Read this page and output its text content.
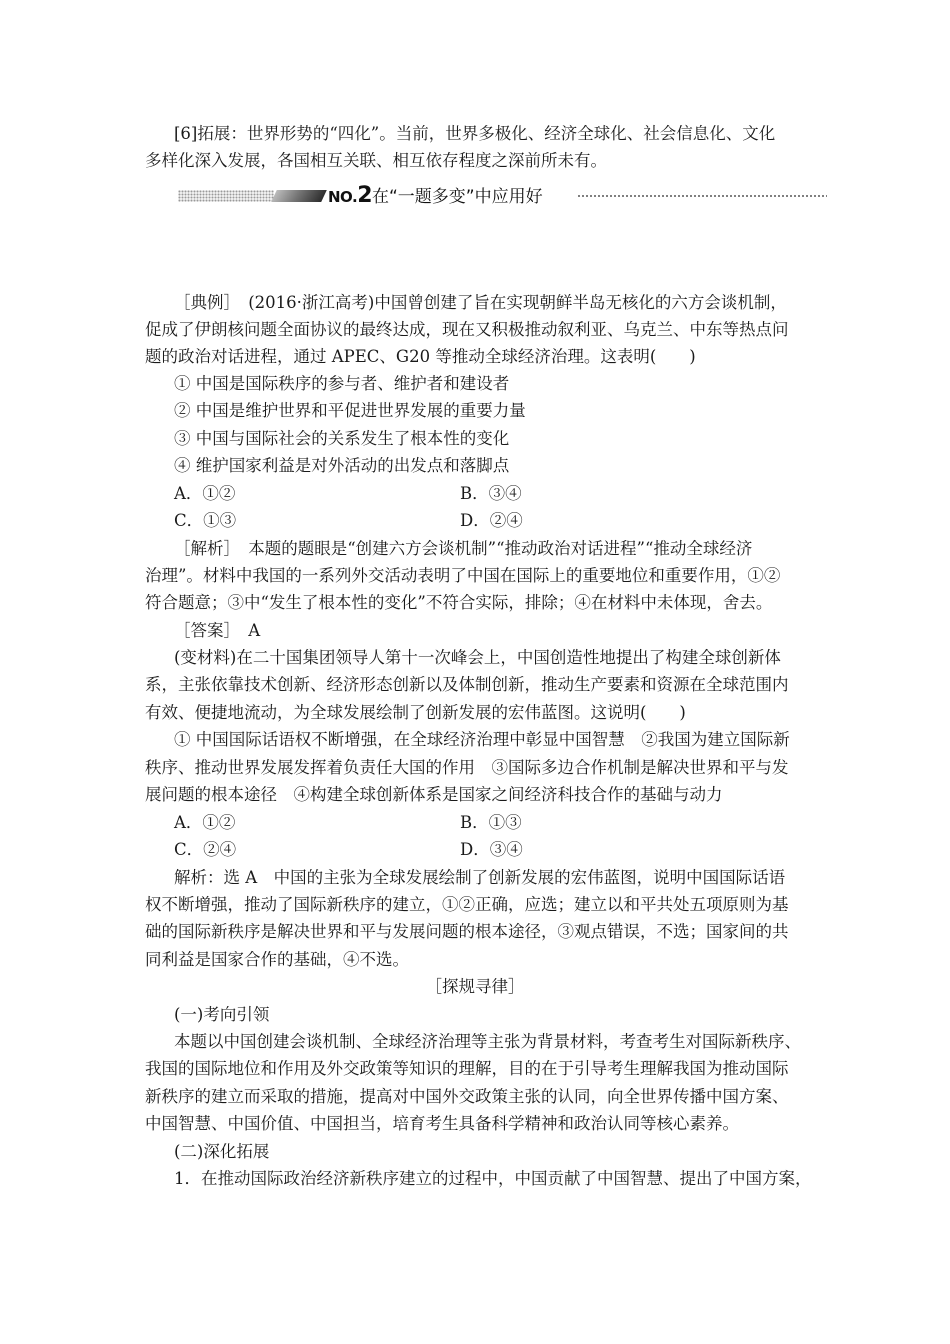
[6]拓展：世界形势的“四化”。当前，世界多极化、经济全球化、社会信息化、文化
多样化深入发展，各国相互关联、相互依存程度之深前所未有。
NO.2 在“一题多变”中应用好
［典例］　(2016·浙江高考)中国曾创建了旨在实现朝鲜半岛无核化的六方会谈机制，
促成了伊朗核问题全面协议的最终达成，现在又积极推动叙利亚、乌克兰、中东等热点问
题的政治对话进程，通过 APEC、G20 等推动全球经济治理。这表明(　　)
① 中国是国际秩序的参与者、维护者和建设者
② 中国是维护世界和平促进世界发展的重要力量
③ 中国与国际社会的关系发生了根本性的变化
④ 维护国家利益是对外活动的出发点和落脚点
A．①②	B．③④
C．①③	D．②④
［解析］　本题的题眼是“创建六方会谈机制”“推动政治对话进程”“推动全球经济
治理”。材料中我国的一系列外交活动表明了中国在国际上的重要地位和重要作用，①②
符合题意；③中“发生了根本性的变化”不符合实际，排除；④在材料中未体现，舍去。
［答案］　A
(变材料)在二十国集团领导人第十一次峰会上，中国创造性地提出了构建全球创新体
系，主张依靠技术创新、经济形态创新以及体制创新，推动生产要素和资源在全球范围内
有效、便捷地流动，为全球发展绘制了创新发展的宏伟蓝图。这说明(　　)
① 中国国际话语权不断增强，在全球经济治理中彰显中国智慧　②我国为建立国际新
秩序、推动世界发展发挥着负责任大国的作用　③国际多边合作机制是解决世界和平与发
展问题的根本途径　④构建全球创新体系是国家之间经济科技合作的基础与动力
A．①②	B．①③
C．②④	D．③④
解析：选 A　中国的主张为全球发展绘制了创新发展的宏伟蓝图，说明中国国际话语
权不断增强，推动了国际新秩序的建立，①②正确，应选；建立以和平共处五项原则为基
础的国际新秩序是解决世界和平与发展问题的根本途径，③观点错误，不选；国家间的共
同利益是国家合作的基础，④不选。
［探规寻律］
(一)考向引领
本题以中国创建会谈机制、全球经济治理等主张为背景材料，考查考生对国际新秩序、
我国的国际地位和作用及外交政策等知识的理解，目的在于引导考生理解我国为推动国际
新秩序的建立而采取的措施，提高对中国外交政策主张的认同，向全世界传播中国方案、
中国智慧、中国价值、中国担当，培育考生具备科学精神和政治认同等核心素养。
(二)深化拓展
1．在推动国际政治经济新秩序建立的过程中，中国贡献了中国智慧、提出了中国方案，
